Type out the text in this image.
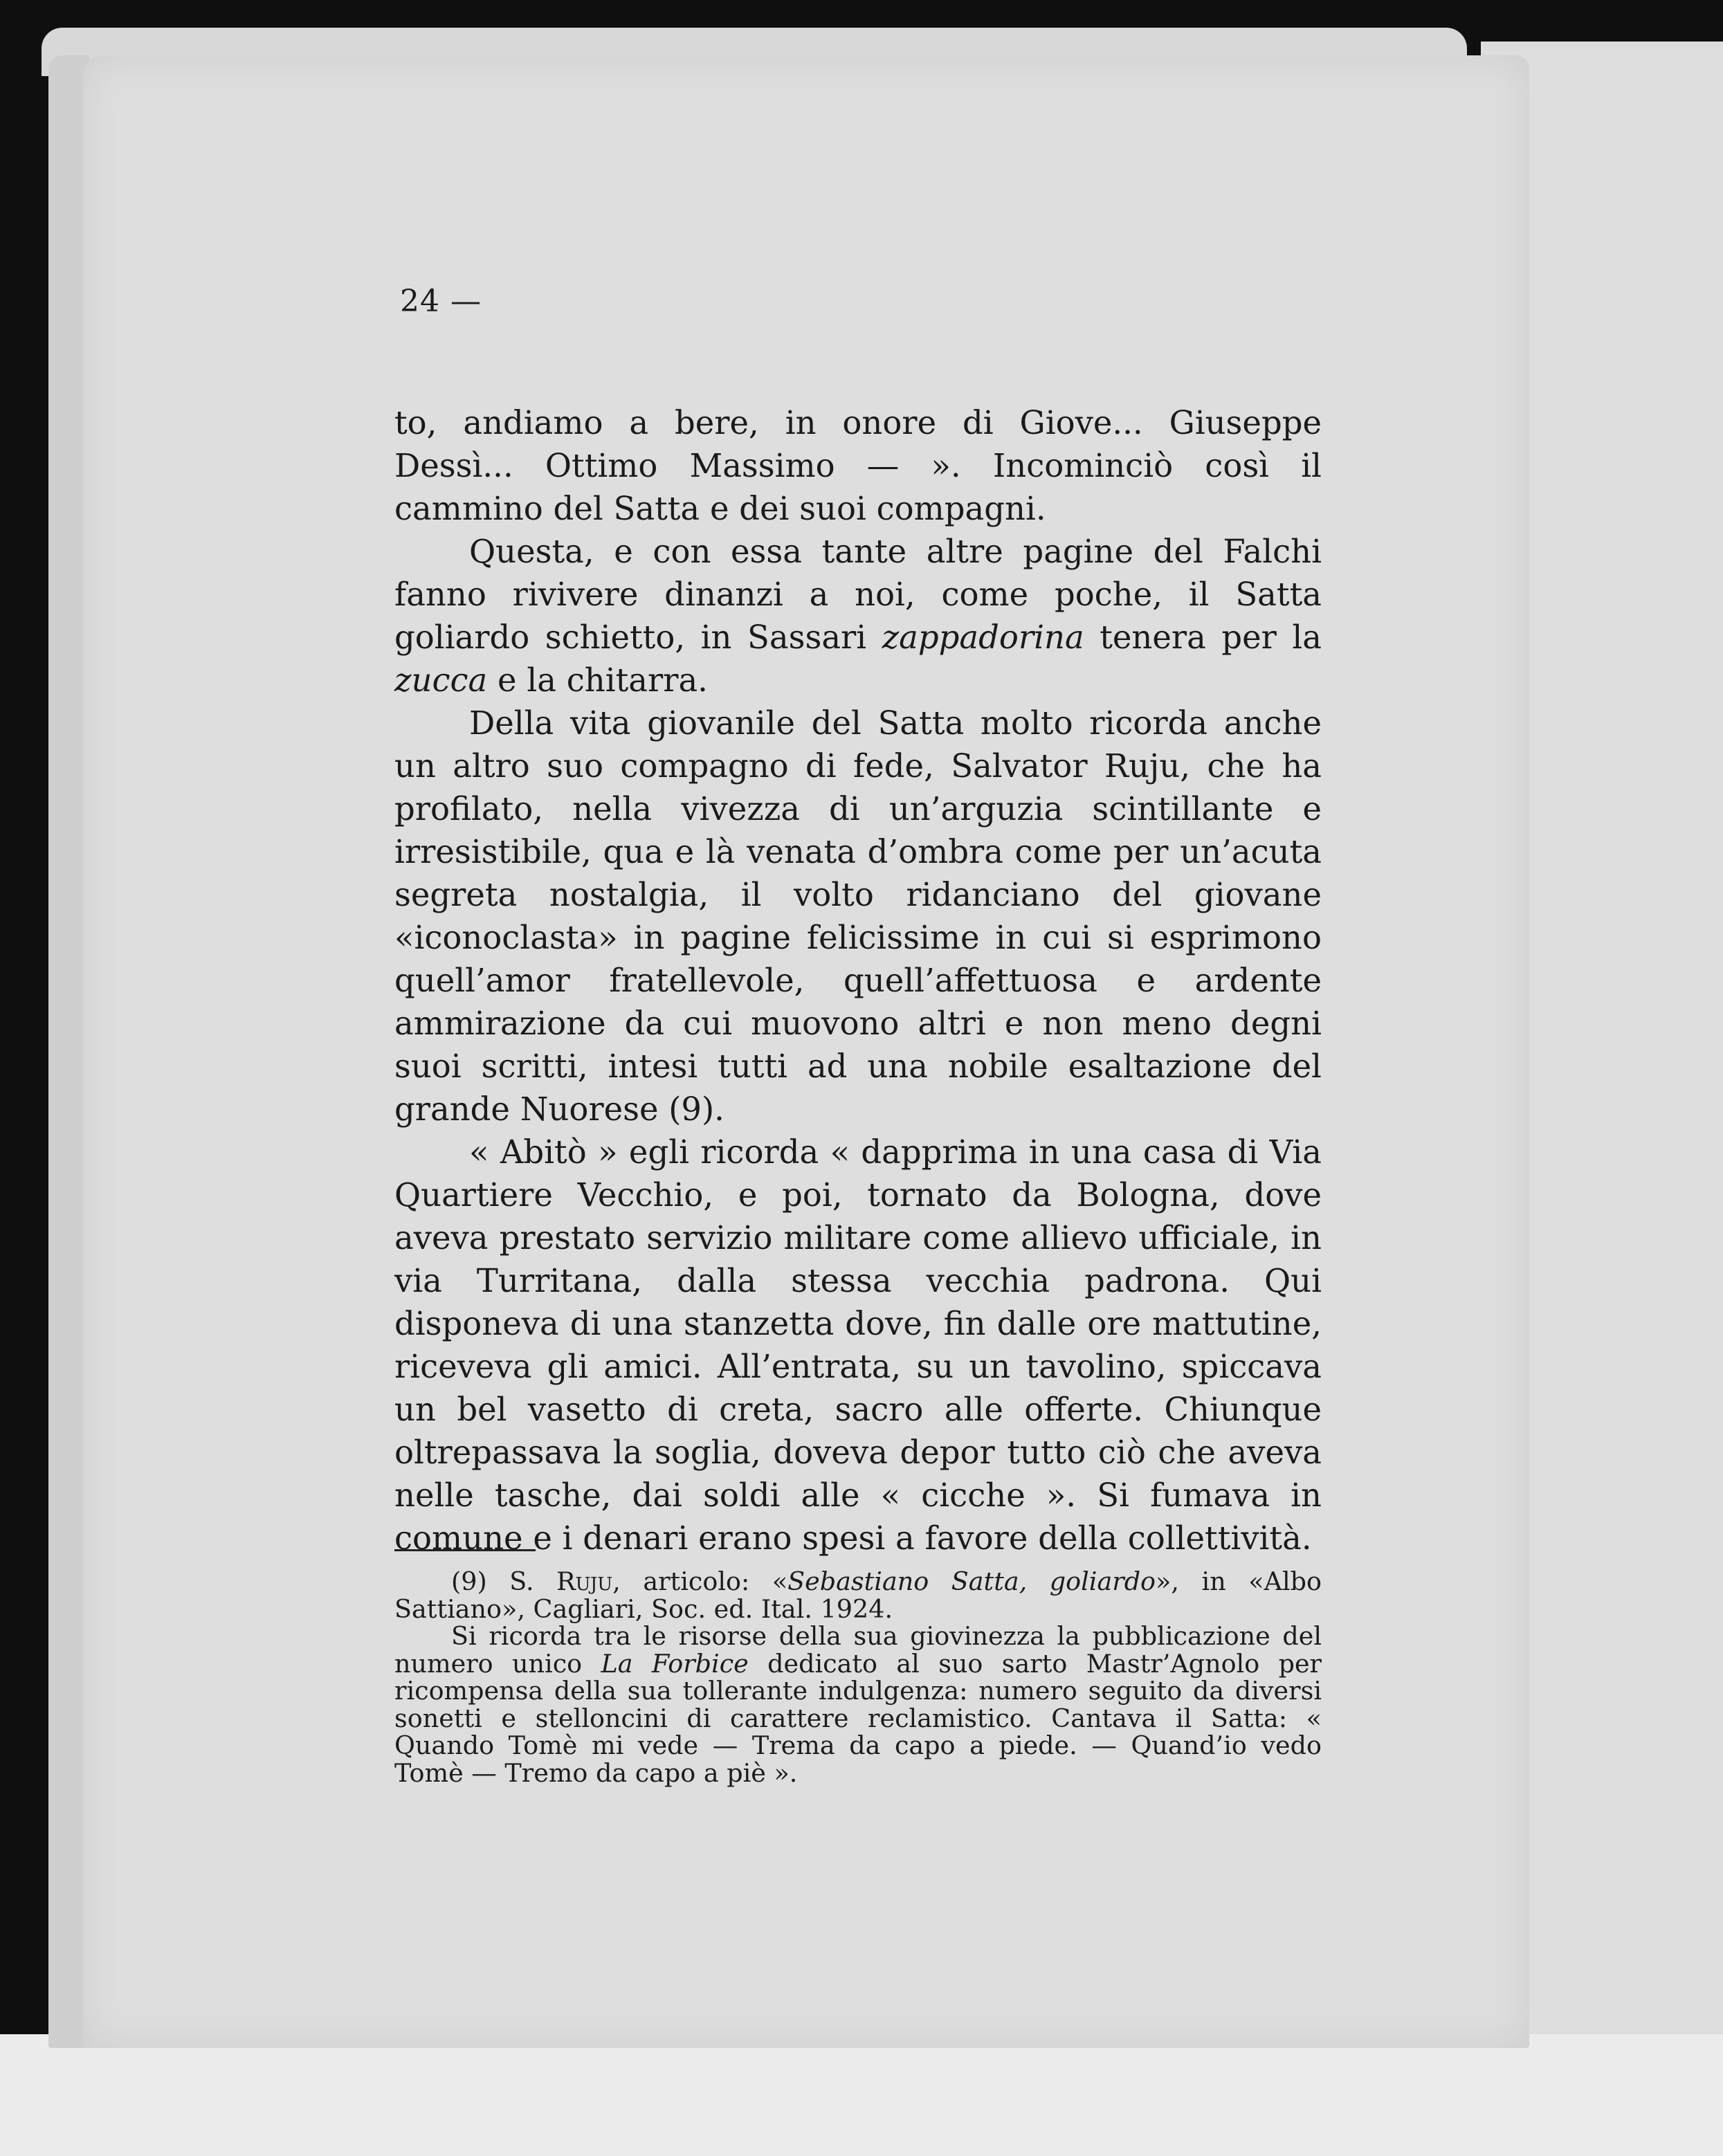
24 —

to, andiamo a bere, in onore di Giove... Giuseppe Dessì... Ottimo Massimo — ». Incominciò così il cammino del Satta e dei suoi compagni.

Questa, e con essa tante altre pagine del Falchi fanno rivivere dinanzi a noi, come poche, il Satta goliardo schietto, in Sassari zappadorina tenera per la zucca e la chitarra.

Della vita giovanile del Satta molto ricorda anche un altro suo compagno di fede, Salvator Ruju, che ha profilato, nella vivezza di un’arguzia scintillante e irresistibile, qua e là venata d’ombra come per un’acuta segreta nostalgia, il volto ridanciano del giovane «iconoclasta» in pagine felicissime in cui si esprimono quell’amor fratellevole, quell’affettuosa e ardente ammirazione da cui muovono altri e non meno degni suoi scritti, intesi tutti ad una nobile esaltazione del grande Nuorese (9).

« Abitò » egli ricorda « dapprima in una casa di Via Quartiere Vecchio, e poi, tornato da Bologna, dove aveva prestato servizio militare come allievo ufficiale, in via Turritana, dalla stessa vecchia padrona. Qui disponeva di una stanzetta dove, fin dalle ore mattutine, riceveva gli amici. All’entrata, su un tavolino, spiccava un bel vasetto di creta, sacro alle offerte. Chiunque oltrepassava la soglia, doveva depor tutto ciò che aveva nelle tasche, dai soldi alle « cicche ». Si fumava in comune e i denari erano spesi a favore della collettività.

(9) S. Ruju, articolo: «Sebastiano Satta, goliardo», in «Albo Sattiano», Cagliari, Soc. ed. Ital. 1924.

Si ricorda tra le risorse della sua giovinezza la pubblicazione del numero unico La Forbice dedicato al suo sarto Mastr’Agnolo per ricompensa della sua tollerante indulgenza: numero seguito da diversi sonetti e stelloncini di carattere reclamistico. Cantava il Satta: « Quando Tomè mi vede — Trema da capo a piede. — Quand’io vedo Tomè — Tremo da capo a piè ».
